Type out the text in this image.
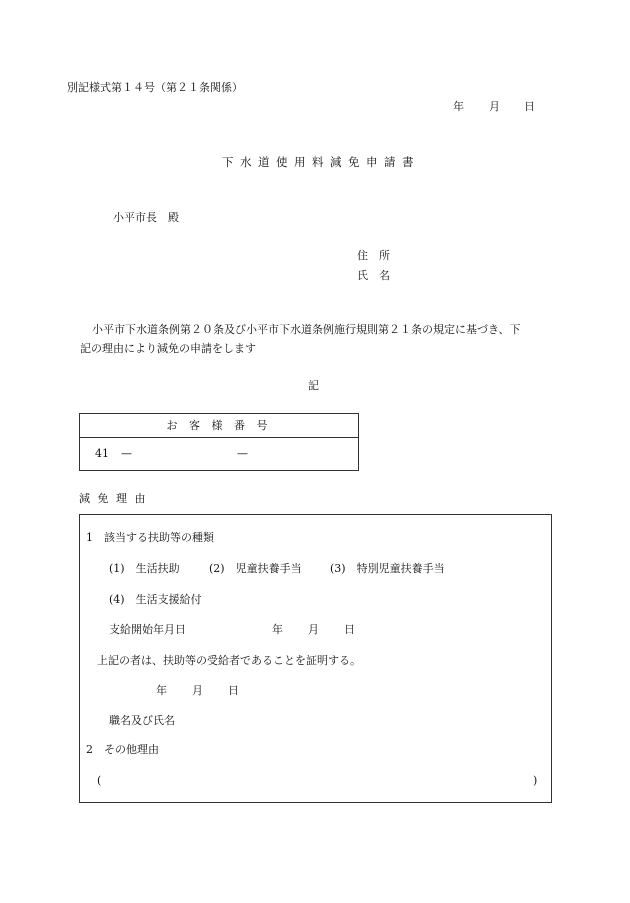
別記様式第１４号（第２１条関係）
年 月 日
下水道使用料減免申請書
小平市長　殿
住　所
氏　名
小平市下水道条例第２０条及び小平市下水道条例施行規則第２１条の規定に基づき、下
記の理由により減免の申請をします
記
お 客 様 番 号
41 —	—
減 免 理 由
1　該当する扶助等の種類
(1)　生活扶助	(2)　児童扶養手当	(3)　特別児童扶養手当
(4)　生活支援給付
支給開始年月日	年 月 日
上記の者は、扶助等の受給者であることを証明する。
年 月 日
職名及び氏名
2　その他理由
(	)
